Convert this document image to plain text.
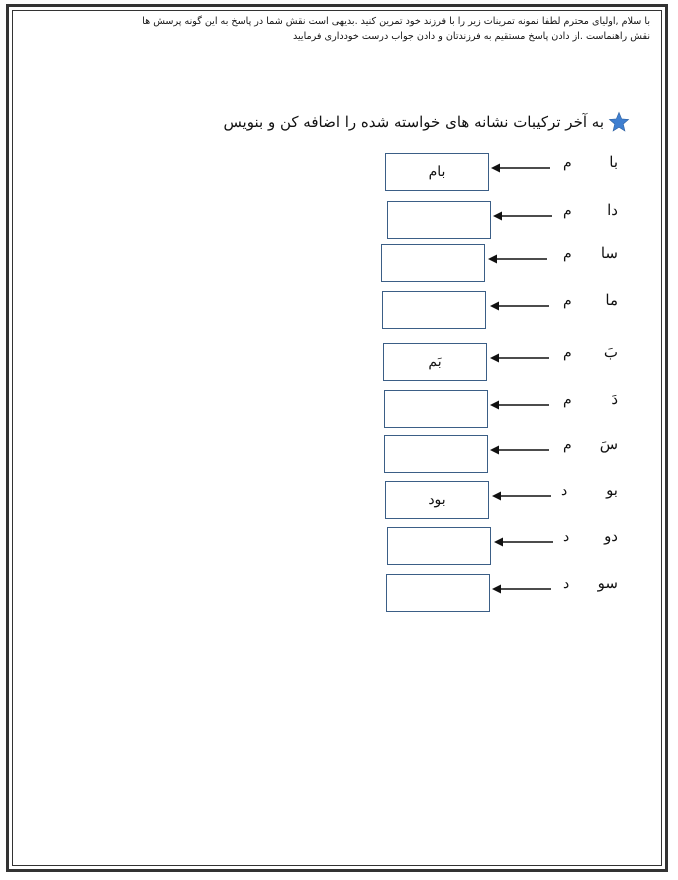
با سلام ,اولیای محترم لطفا نمونه تمرینات زیر را با فرزند خود تمرین کنید .بدیهی است نقش شما در پاسخ به این گونه پرسش ها
نقش راهنماست .از دادن پاسخ مستقیم به فرزندتان و دادن جواب درست خودداری فرمایید
به آخر ترکیبات نشانه های خواسته شده را اضافه کن و بنویس
با
م
بام
دا
م
سا
م
ما
م
بَ
م
بَم
دَ
م
سَ
م
بو
د
بود
دو
د
سو
د
